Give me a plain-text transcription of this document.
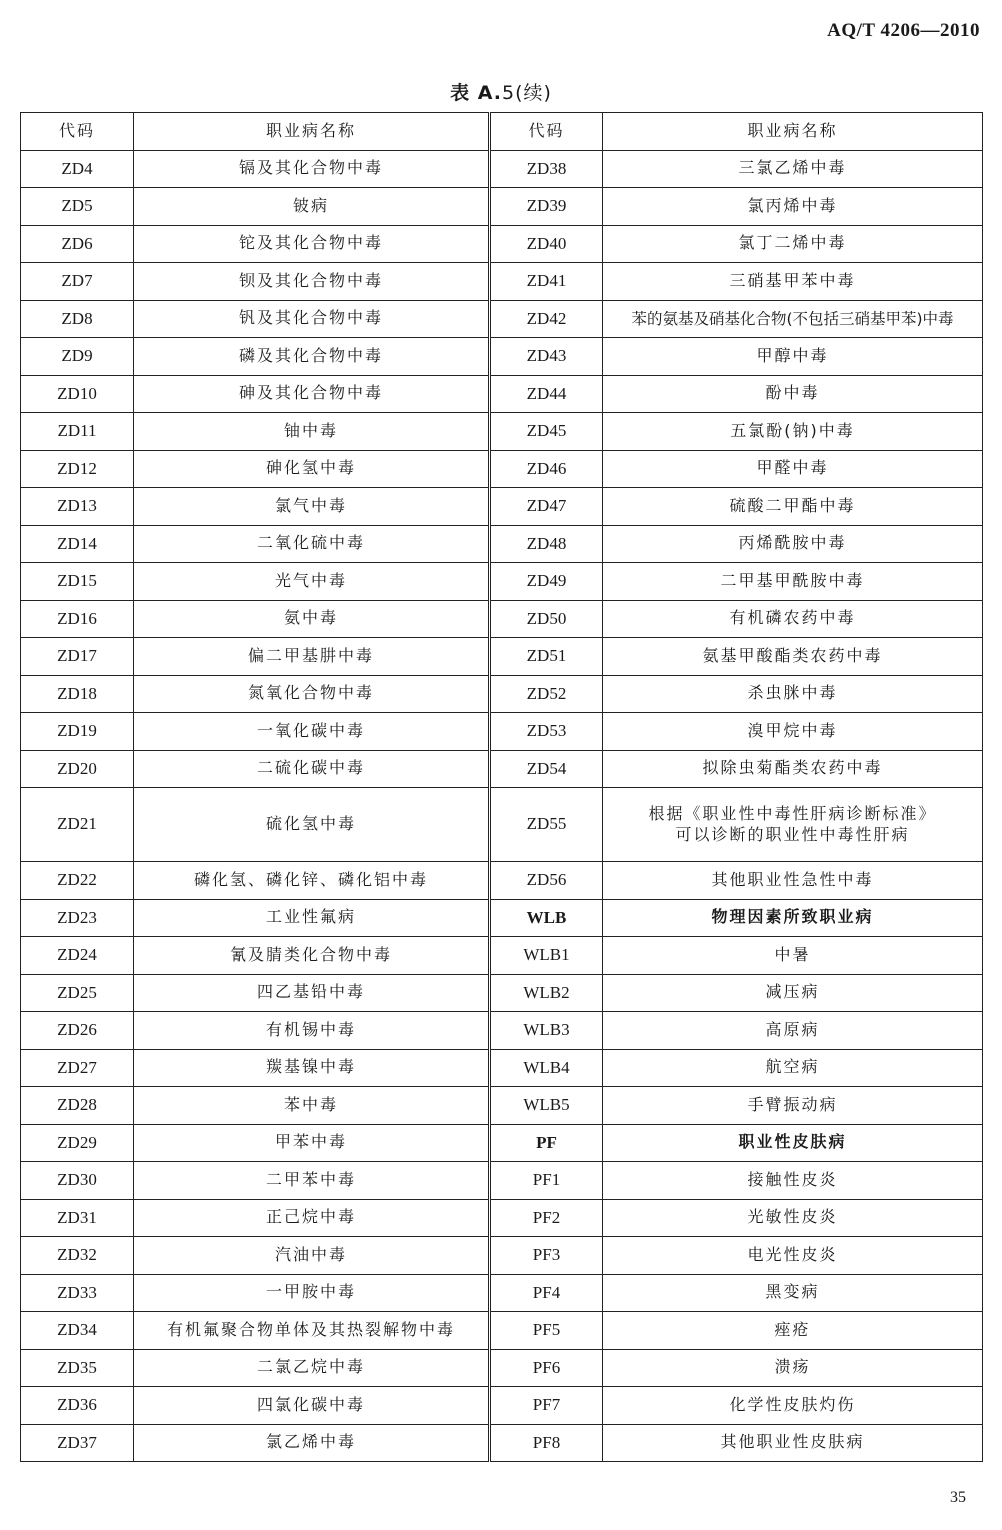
AQ/T 4206—2010
表 A.5(续)
代码	职业病名称	代码	职业病名称
ZD4	镉及其化合物中毒	ZD38	三氯乙烯中毒
ZD5	铍病	ZD39	氯丙烯中毒
ZD6	铊及其化合物中毒	ZD40	氯丁二烯中毒
ZD7	钡及其化合物中毒	ZD41	三硝基甲苯中毒
ZD8	钒及其化合物中毒	ZD42	苯的氨基及硝基化合物(不包括三硝基甲苯)中毒
ZD9	磷及其化合物中毒	ZD43	甲醇中毒
ZD10	砷及其化合物中毒	ZD44	酚中毒
ZD11	铀中毒	ZD45	五氯酚(钠)中毒
ZD12	砷化氢中毒	ZD46	甲醛中毒
ZD13	氯气中毒	ZD47	硫酸二甲酯中毒
ZD14	二氧化硫中毒	ZD48	丙烯酰胺中毒
ZD15	光气中毒	ZD49	二甲基甲酰胺中毒
ZD16	氨中毒	ZD50	有机磷农药中毒
ZD17	偏二甲基肼中毒	ZD51	氨基甲酸酯类农药中毒
ZD18	氮氧化合物中毒	ZD52	杀虫脒中毒
ZD19	一氧化碳中毒	ZD53	溴甲烷中毒
ZD20	二硫化碳中毒	ZD54	拟除虫菊酯类农药中毒
ZD21	硫化氢中毒	ZD55	根据《职业性中毒性肝病诊断标准》
可以诊断的职业性中毒性肝病

ZD22	磷化氢、磷化锌、磷化铝中毒	ZD56	其他职业性急性中毒
ZD23	工业性氟病	WLB	物理因素所致职业病
ZD24	氰及腈类化合物中毒	WLB1	中暑
ZD25	四乙基铅中毒	WLB2	减压病
ZD26	有机锡中毒	WLB3	高原病
ZD27	羰基镍中毒	WLB4	航空病
ZD28	苯中毒	WLB5	手臂振动病
ZD29	甲苯中毒	PF	职业性皮肤病
ZD30	二甲苯中毒	PF1	接触性皮炎
ZD31	正己烷中毒	PF2	光敏性皮炎
ZD32	汽油中毒	PF3	电光性皮炎
ZD33	一甲胺中毒	PF4	黑变病
ZD34	有机氟聚合物单体及其热裂解物中毒	PF5	痤疮
ZD35	二氯乙烷中毒	PF6	溃疡
ZD36	四氯化碳中毒	PF7	化学性皮肤灼伤
ZD37	氯乙烯中毒	PF8	其他职业性皮肤病
35
